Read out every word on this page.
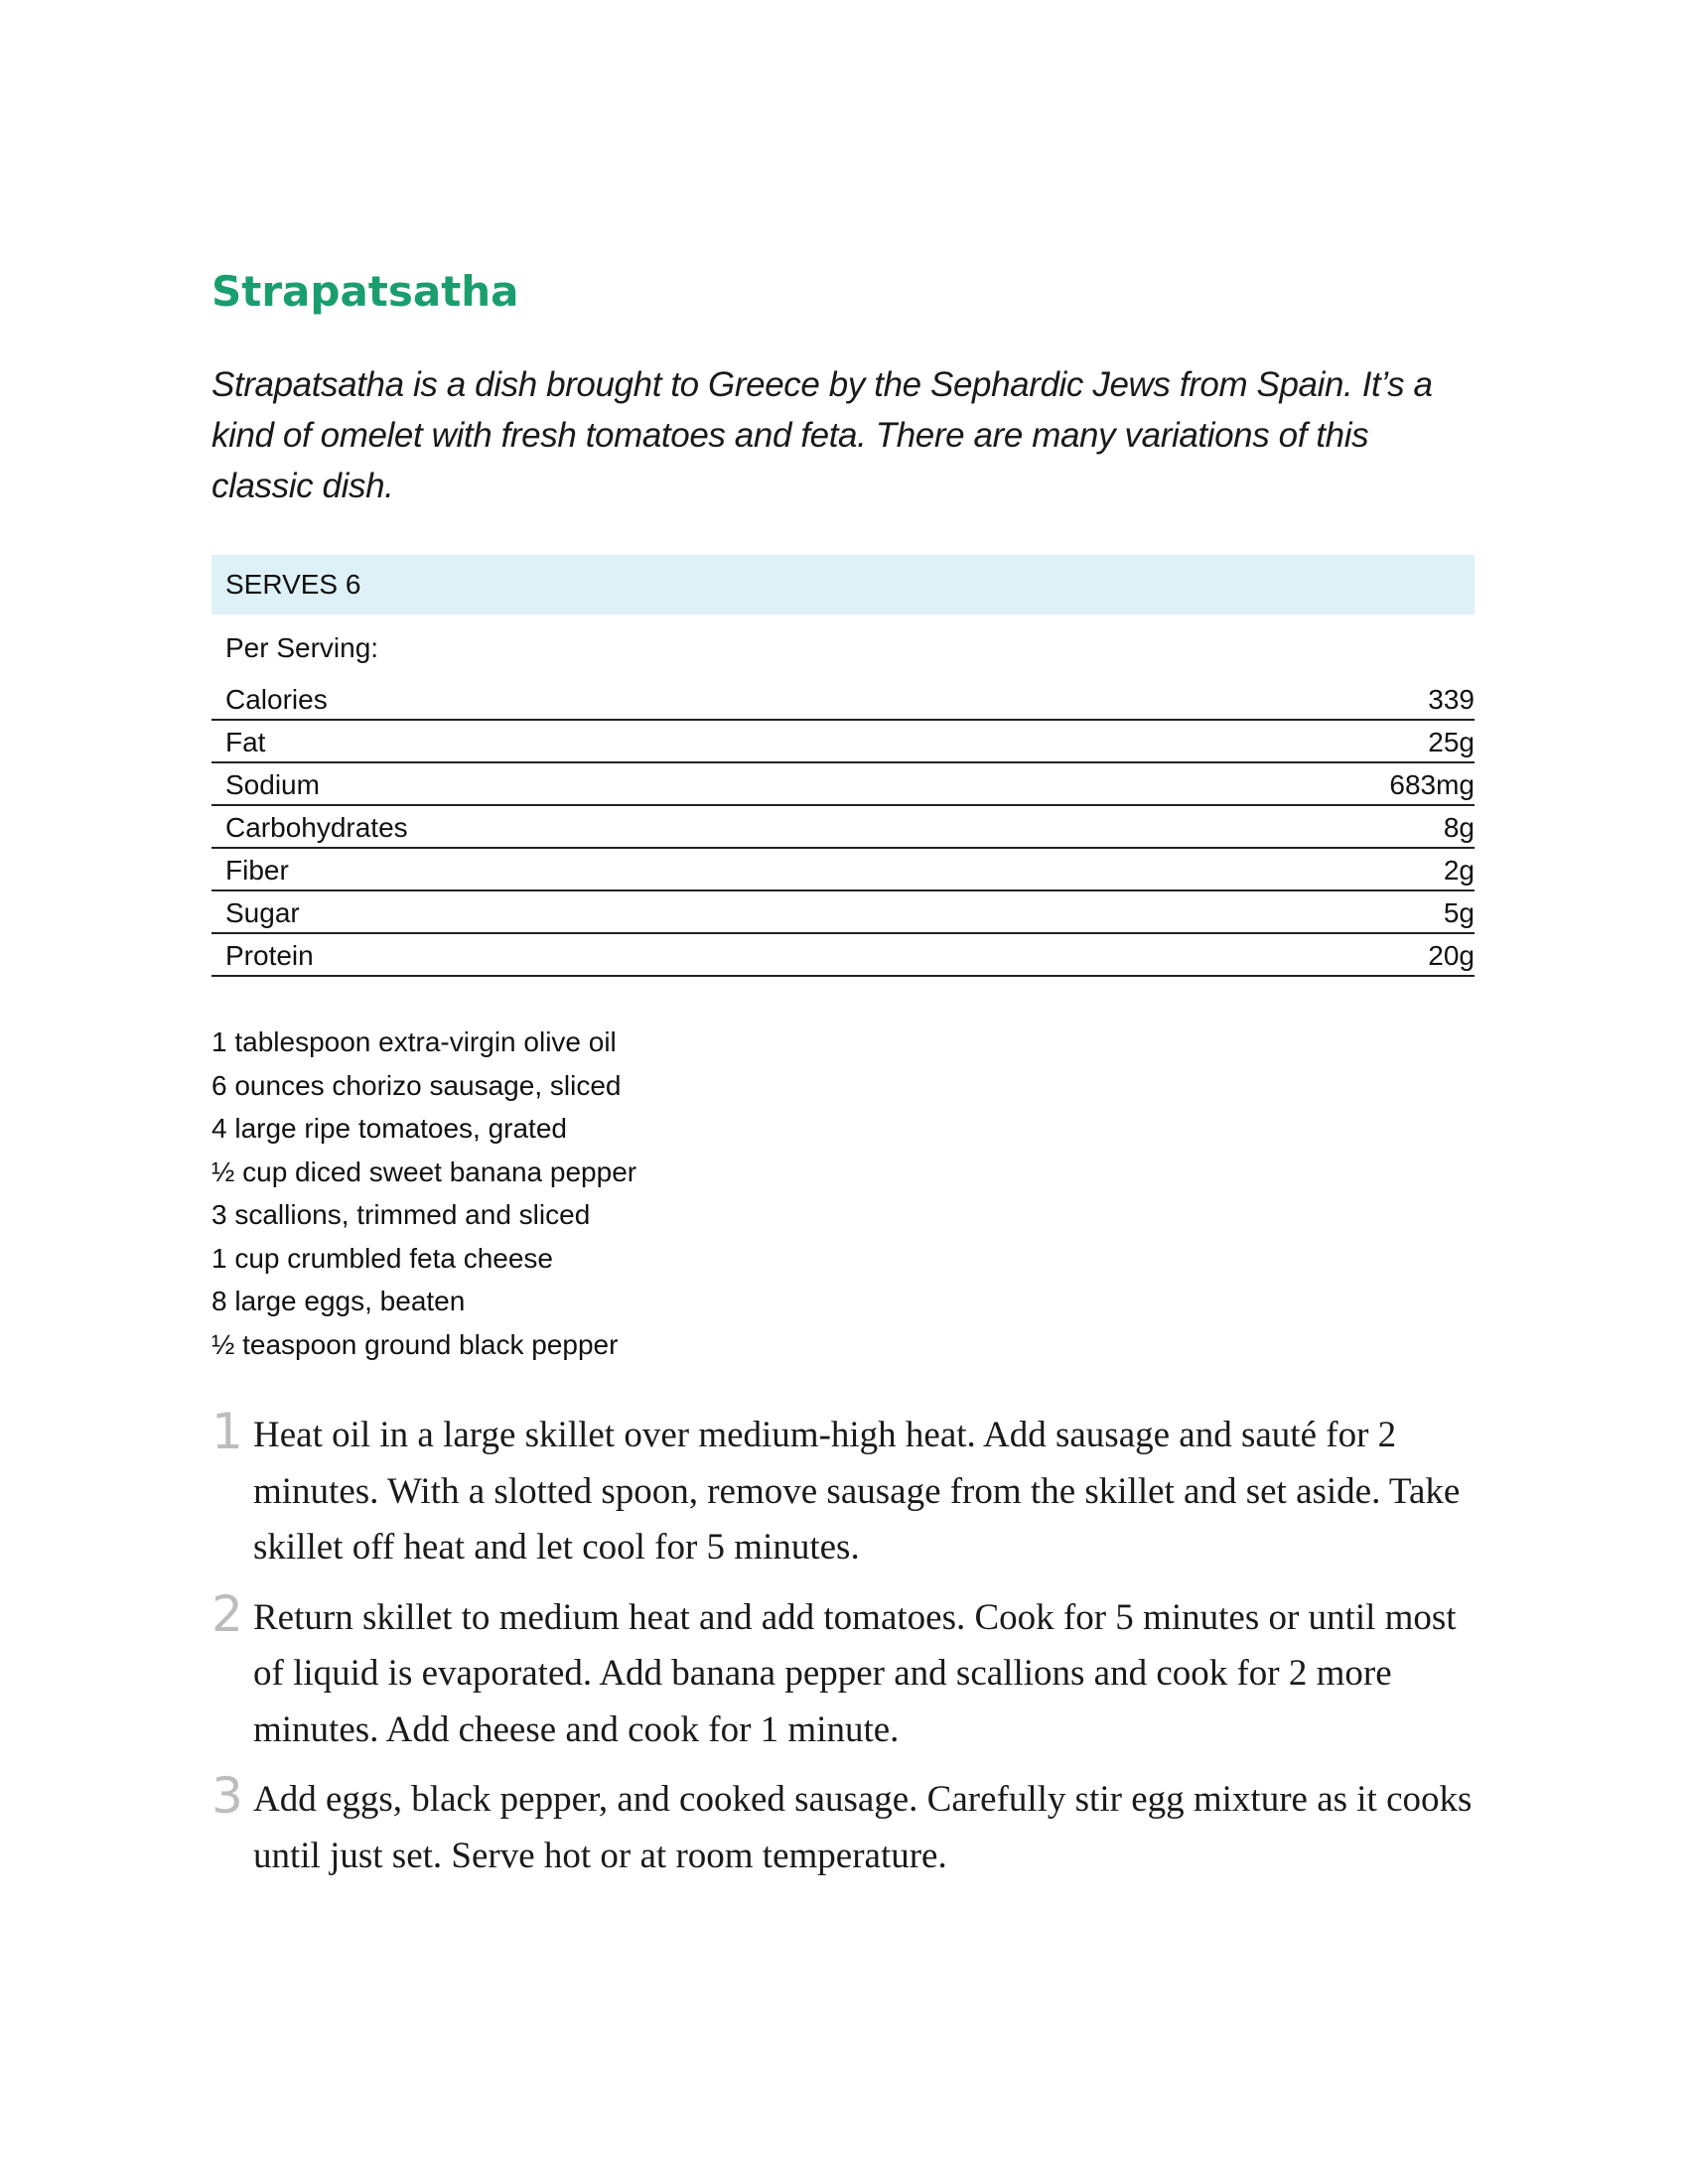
Strapatsatha

Strapatsatha is a dish brought to Greece by the Sephardic Jews from Spain. It’s a kind of omelet with fresh tomatoes and feta. There are many variations of this classic dish.

SERVES 6
Per Serving:
Calories	339
Fat	25g
Sodium	683mg
Carbohydrates	8g
Fiber	2g
Sugar	5g
Protein	20g
1 tablespoon extra-virgin olive oil
6 ounces chorizo sausage, sliced
4 large ripe tomatoes, grated
½ cup diced sweet banana pepper
3 scallions, trimmed and sliced
1 cup crumbled feta cheese
8 large eggs, beaten
½ teaspoon ground black pepper
1 Heat oil in a large skillet over medium-high heat. Add sausage and sauté for 2 minutes. With a slotted spoon, remove sausage from the skillet and set aside. Take skillet off heat and let cool for 5 minutes.
2 Return skillet to medium heat and add tomatoes. Cook for 5 minutes or until most of liquid is evaporated. Add banana pepper and scallions and cook for 2 more minutes. Add cheese and cook for 1 minute.
3 Add eggs, black pepper, and cooked sausage. Carefully stir egg mixture as it cooks until just set. Serve hot or at room temperature.
